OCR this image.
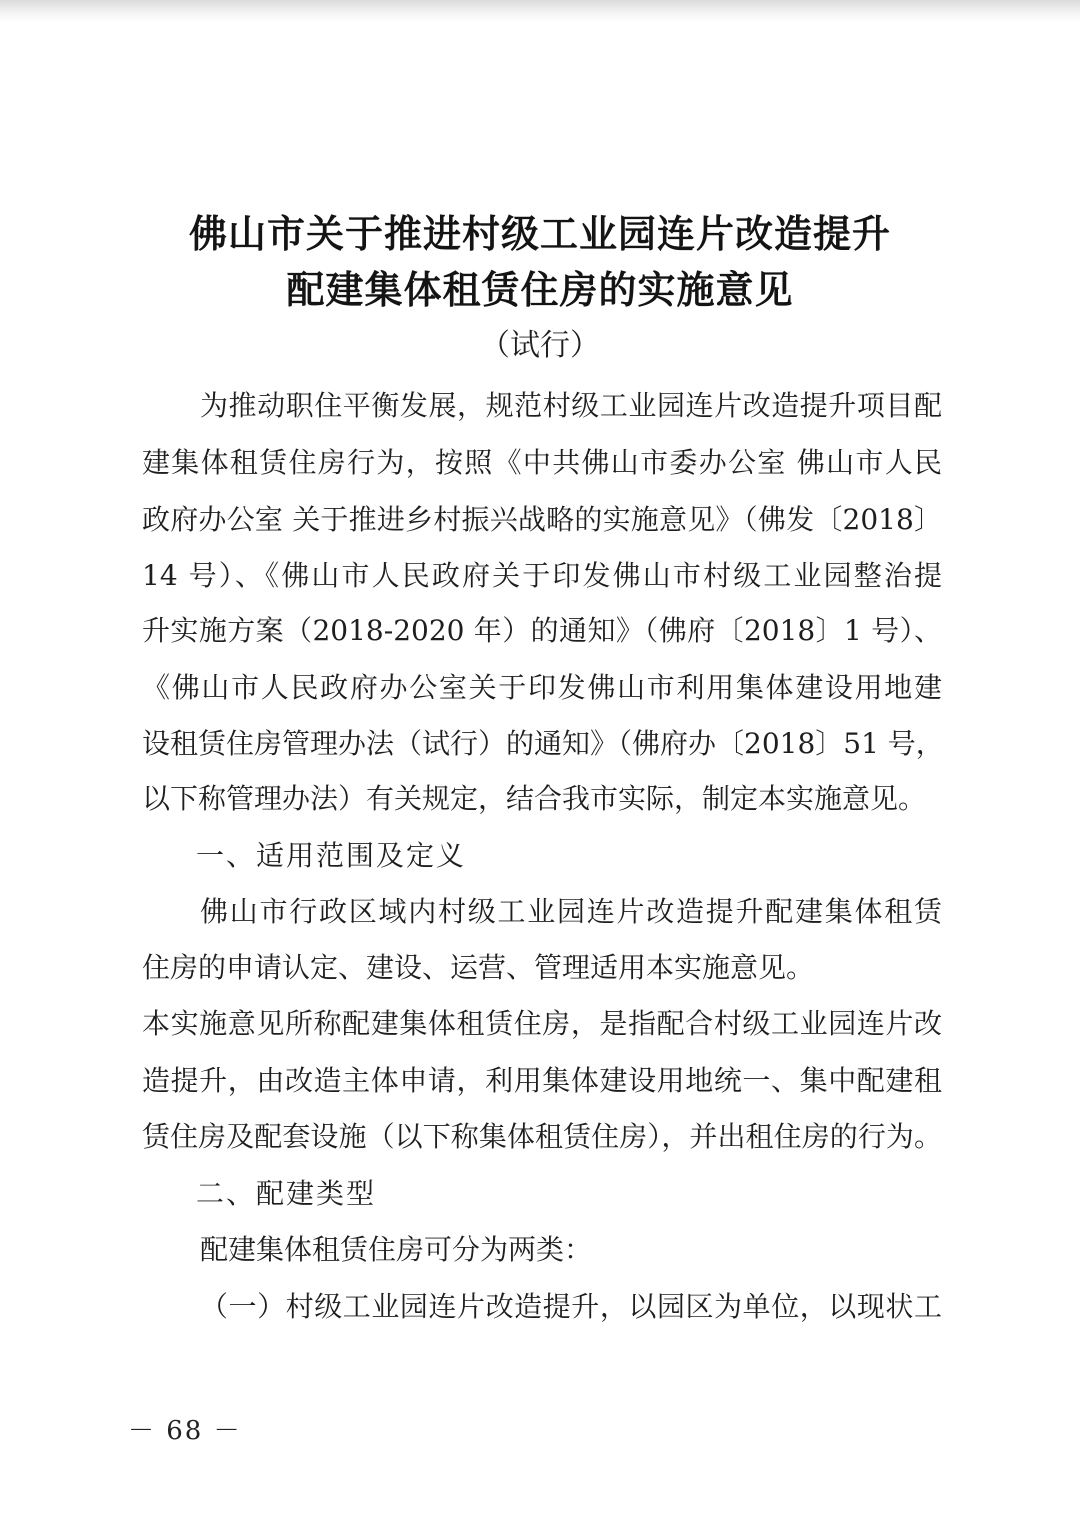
佛山市关于推进村级工业园连片改造提升
配建集体租赁住房的实施意见
（试行）
为推动职住平衡发展，规范村级工业园连片改造提升项目配
建集体租赁住房行为，按照《中共佛山市委办公室 佛山市人民
政府办公室 关于推进乡村振兴战略的实施意见》（佛发〔2018〕
14 号）、《佛山市人民政府关于印发佛山市村级工业园整治提
升实施方案（2018-2020 年）的通知》（佛府〔2018〕1 号）、
《佛山市人民政府办公室关于印发佛山市利用集体建设用地建
设租赁住房管理办法（试行）的通知》（佛府办〔2018〕51 号，
以下称管理办法）有关规定，结合我市实际，制定本实施意见。
一、适用范围及定义
佛山市行政区域内村级工业园连片改造提升配建集体租赁
住房的申请认定、建设、运营、管理适用本实施意见。
本实施意见所称配建集体租赁住房，是指配合村级工业园连片改
造提升，由改造主体申请，利用集体建设用地统一、集中配建租
赁住房及配套设施（以下称集体租赁住房），并出租住房的行为。
二、配建类型
配建集体租赁住房可分为两类：
（一）村级工业园连片改造提升，以园区为单位，以现状工
－ 68 －
